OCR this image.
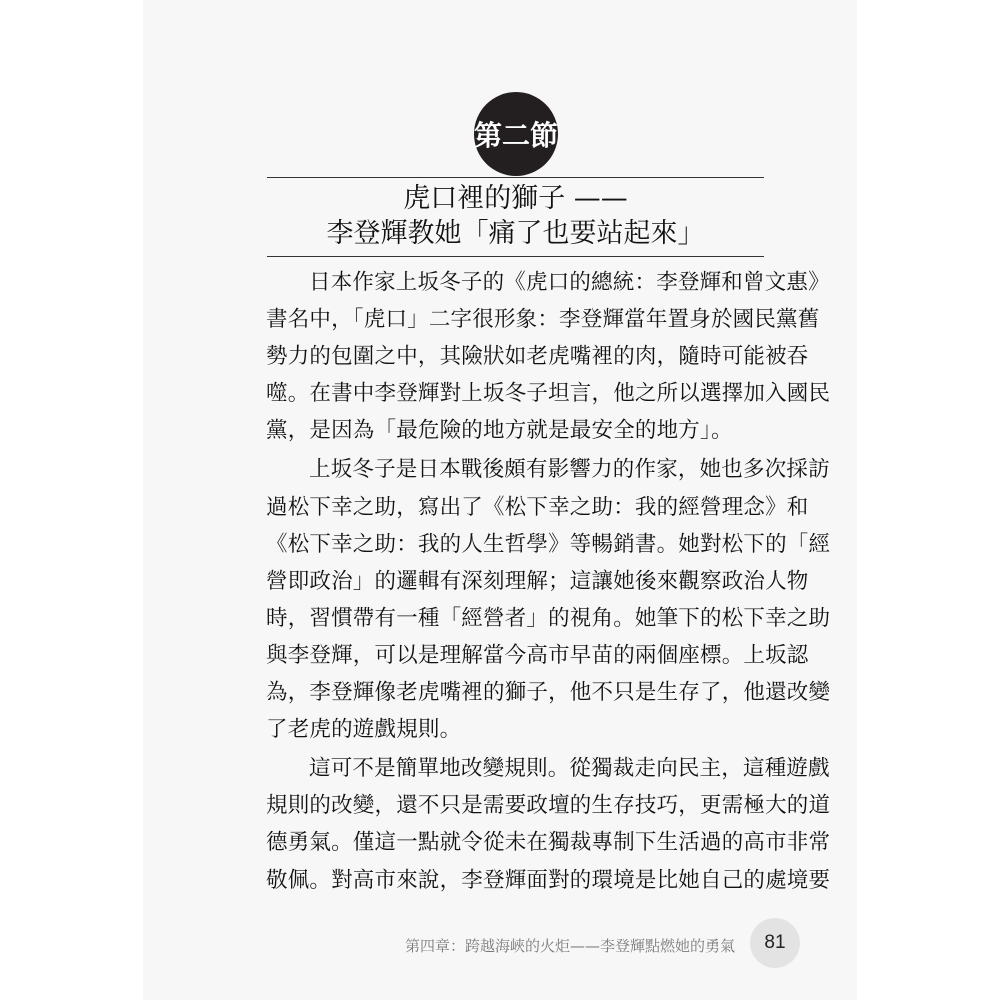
第二節
虎口裡的獅子 ——
李登輝教她「痛了也要站起來」
日本作家上坂冬子的《虎口的總統：李登輝和曾文惠》
書名中，「虎口」二字很形象：李登輝當年置身於國民黨舊
勢力的包圍之中，其險狀如老虎嘴裡的肉，隨時可能被吞
噬。在書中李登輝對上坂冬子坦言，他之所以選擇加入國民
黨，是因為「最危險的地方就是最安全的地方」。
上坂冬子是日本戰後頗有影響力的作家，她也多次採訪
過松下幸之助，寫出了《松下幸之助：我的經營理念》和
《松下幸之助：我的人生哲學》等暢銷書。她對松下的「經
營即政治」的邏輯有深刻理解；這讓她後來觀察政治人物
時，習慣帶有一種「經營者」的視角。她筆下的松下幸之助
與李登輝，可以是理解當今高市早苗的兩個座標。上坂認
為，李登輝像老虎嘴裡的獅子，他不只是生存了，他還改變
了老虎的遊戲規則。
這可不是簡單地改變規則。從獨裁走向民主，這種遊戲
規則的改變，還不只是需要政壇的生存技巧，更需極大的道
德勇氣。僅這一點就令從未在獨裁專制下生活過的高市非常
敬佩。對高市來說，李登輝面對的環境是比她自己的處境要
第四章：跨越海峽的火炬——李登輝點燃她的勇氣	81
